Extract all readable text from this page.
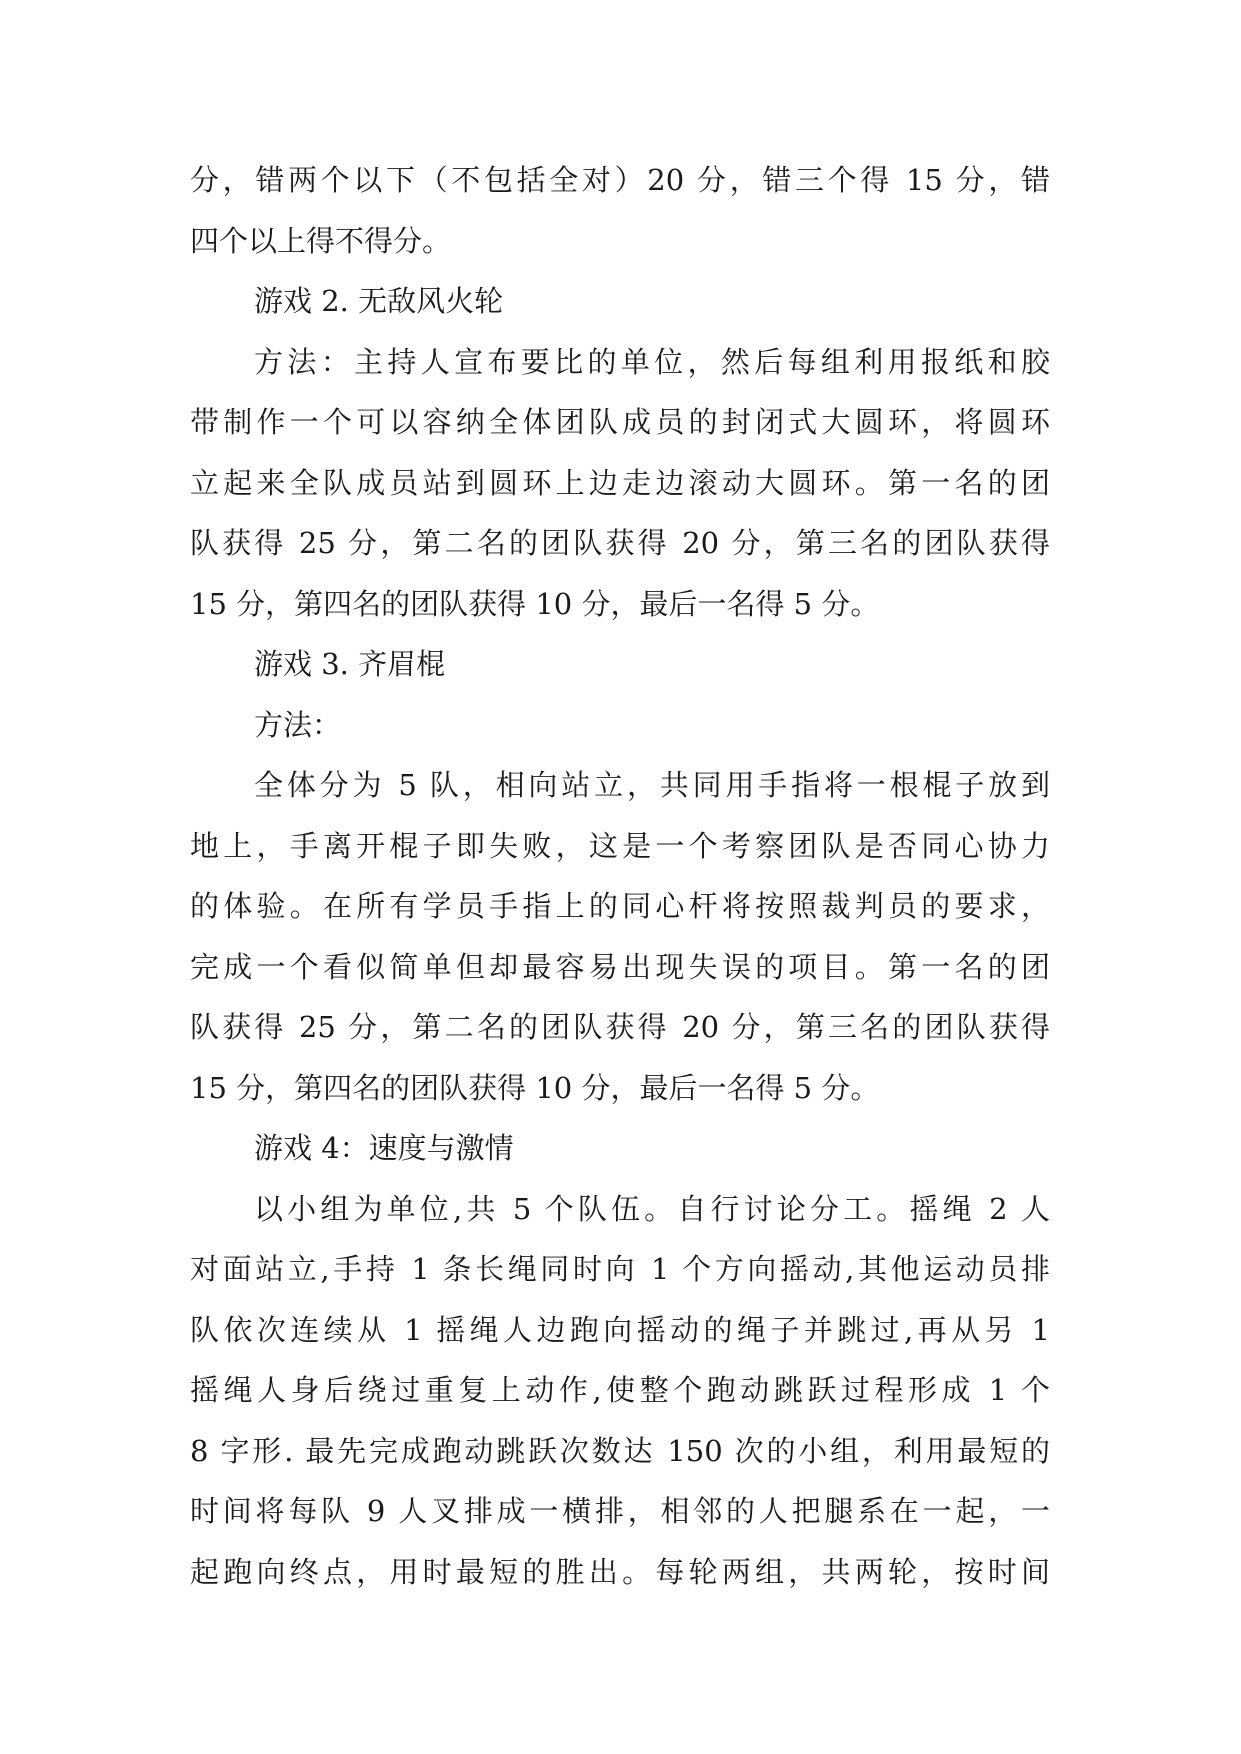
分，错两个以下（不包括全对）20 分，错三个得 15 分，错
四个以上得不得分。
游戏 2. 无敌风火轮
方法：主持人宣布要比的单位，然后每组利用报纸和胶
带制作一个可以容纳全体团队成员的封闭式大圆环，将圆环
立起来全队成员站到圆环上边走边滚动大圆环。第一名的团
队获得 25 分，第二名的团队获得 20 分，第三名的团队获得
15 分，第四名的团队获得 10 分，最后一名得 5 分。
游戏 3. 齐眉棍
方法：
全体分为 5 队，相向站立，共同用手指将一根棍子放到
地上，手离开棍子即失败，这是一个考察团队是否同心协力
的体验。在所有学员手指上的同心杆将按照裁判员的要求，
完成一个看似简单但却最容易出现失误的项目。第一名的团
队获得 25 分，第二名的团队获得 20 分，第三名的团队获得
15 分，第四名的团队获得 10 分，最后一名得 5 分。
游戏 4：速度与激情
以小组为单位,共 5 个队伍。自行讨论分工。摇绳 2 人
对面站立,手持 1 条长绳同时向 1 个方向摇动,其他运动员排
队依次连续从 1 摇绳人边跑向摇动的绳子并跳过,再从另 1
摇绳人身后绕过重复上动作,使整个跑动跳跃过程形成 1 个
8 字形. 最先完成跑动跳跃次数达 150 次的小组，利用最短的
时间将每队 9 人叉排成一横排，相邻的人把腿系在一起，一
起跑向终点，用时最短的胜出。每轮两组，共两轮，按时间
